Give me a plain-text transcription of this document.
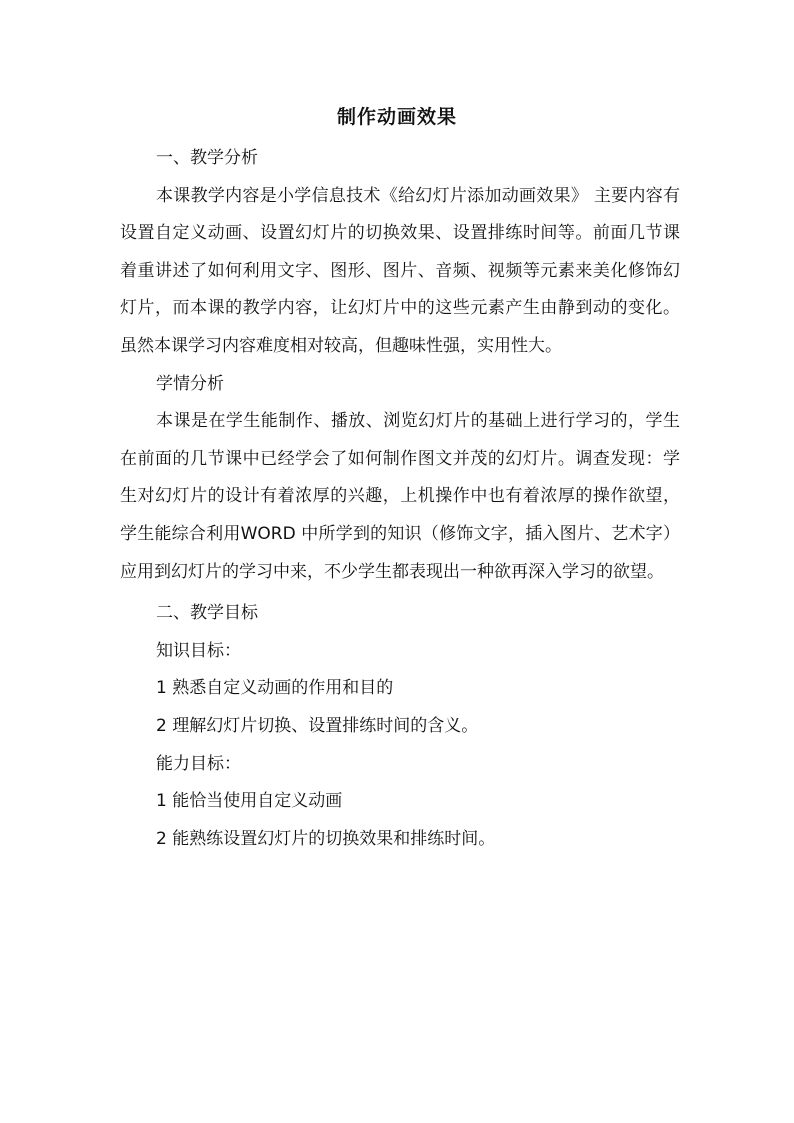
制作动画效果

一、教学分析

本课教学内容是小学信息技术《给幻灯片添加动画效果》 主要内容有设置自定义动画、设置幻灯片的切换效果、设置排练时间等。前面几节课着重讲述了如何利用文字、图形、图片、音频、视频等元素来美化修饰幻灯片，而本课的教学内容，让幻灯片中的这些元素产生由静到动的变化。虽然本课学习内容难度相对较高，但趣味性强，实用性大。

学情分析

本课是在学生能制作、播放、浏览幻灯片的基础上进行学习的，学生在前面的几节课中已经学会了如何制作图文并茂的幻灯片。调查发现：学生对幻灯片的设计有着浓厚的兴趣，上机操作中也有着浓厚的操作欲望，学生能综合利用WORD 中所学到的知识（修饰文字，插入图片、艺术字）应用到幻灯片的学习中来，不少学生都表现出一种欲再深入学习的欲望。

二、教学目标

知识目标：

1 熟悉自定义动画的作用和目的

2 理解幻灯片切换、设置排练时间的含义。

能力目标：

1 能恰当使用自定义动画

2 能熟练设置幻灯片的切换效果和排练时间。
